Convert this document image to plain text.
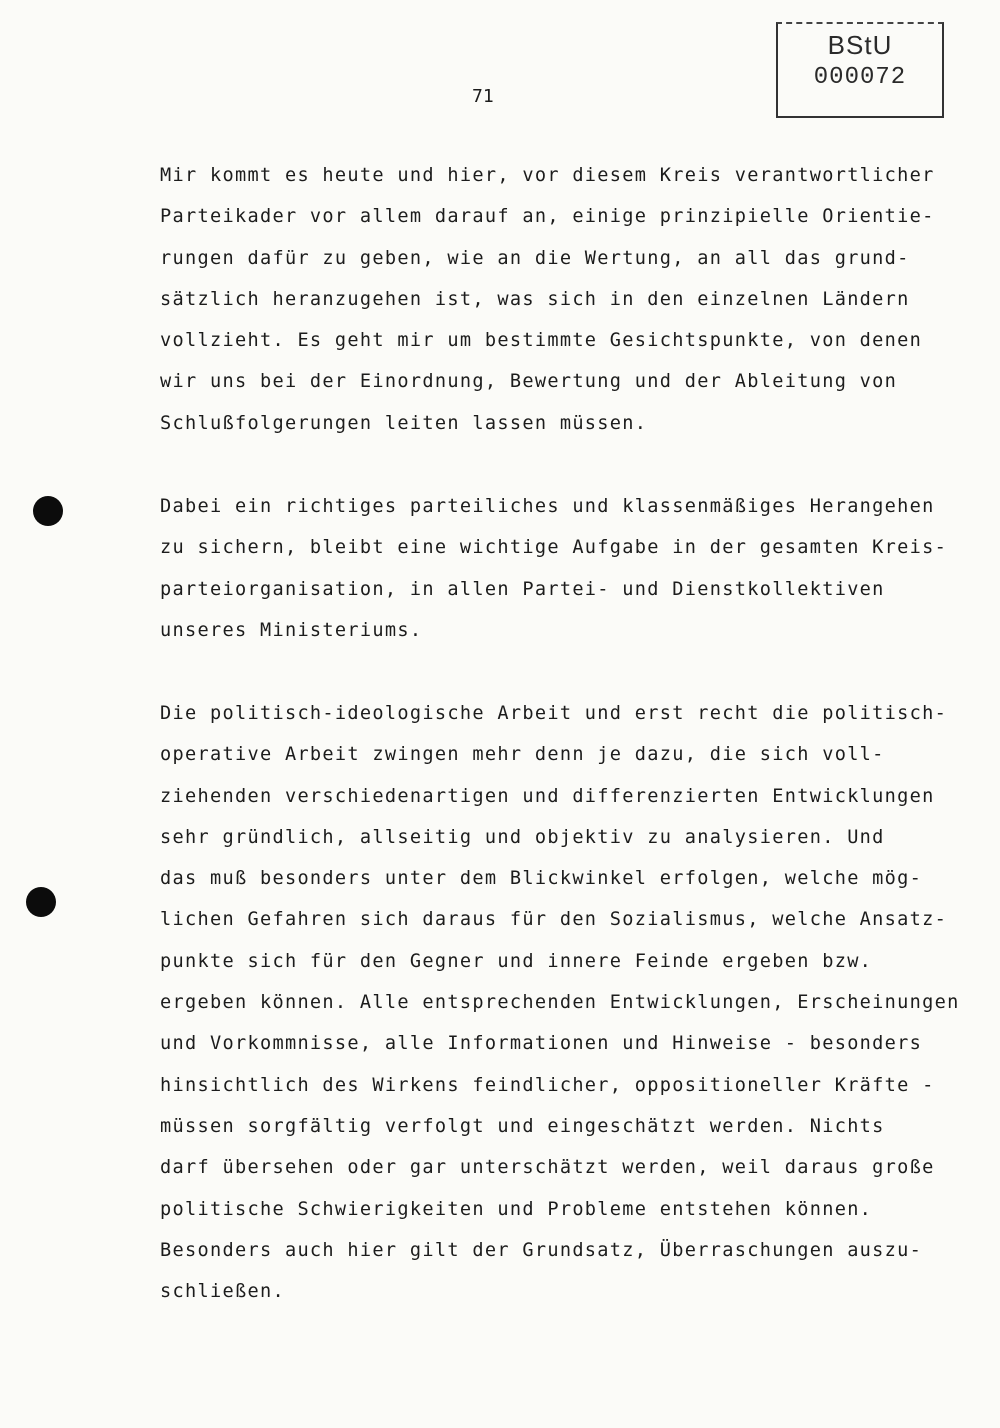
BStU
000072
71
Mir kommt es heute und hier, vor diesem Kreis verantwortlicher
Parteikader vor allem darauf an, einige prinzipielle Orientie-
rungen dafür zu geben, wie an die Wertung, an all das grund-
sätzlich heranzugehen ist, was sich in den einzelnen Ländern
vollzieht. Es geht mir um bestimmte Gesichtspunkte, von denen
wir uns bei der Einordnung, Bewertung und der Ableitung von
Schlußfolgerungen leiten lassen müssen.
Dabei ein richtiges parteiliches und klassenmäßiges Herangehen
zu sichern, bleibt eine wichtige Aufgabe in der gesamten Kreis-
parteiorganisation, in allen Partei- und Dienstkollektiven
unseres Ministeriums.
Die politisch-ideologische Arbeit und erst recht die politisch-
operative Arbeit zwingen mehr denn je dazu, die sich voll-
ziehenden verschiedenartigen und differenzierten Entwicklungen
sehr gründlich, allseitig und objektiv zu analysieren. Und
das muß besonders unter dem Blickwinkel erfolgen, welche mög-
lichen Gefahren sich daraus für den Sozialismus, welche Ansatz-
punkte sich für den Gegner und innere Feinde ergeben bzw.
ergeben können. Alle entsprechenden Entwicklungen, Erscheinungen
und Vorkommnisse, alle Informationen und Hinweise - besonders
hinsichtlich des Wirkens feindlicher, oppositioneller Kräfte -
müssen sorgfältig verfolgt und eingeschätzt werden. Nichts
darf übersehen oder gar unterschätzt werden, weil daraus große
politische Schwierigkeiten und Probleme entstehen können.
Besonders auch hier gilt der Grundsatz, Überraschungen auszu-
schließen.
